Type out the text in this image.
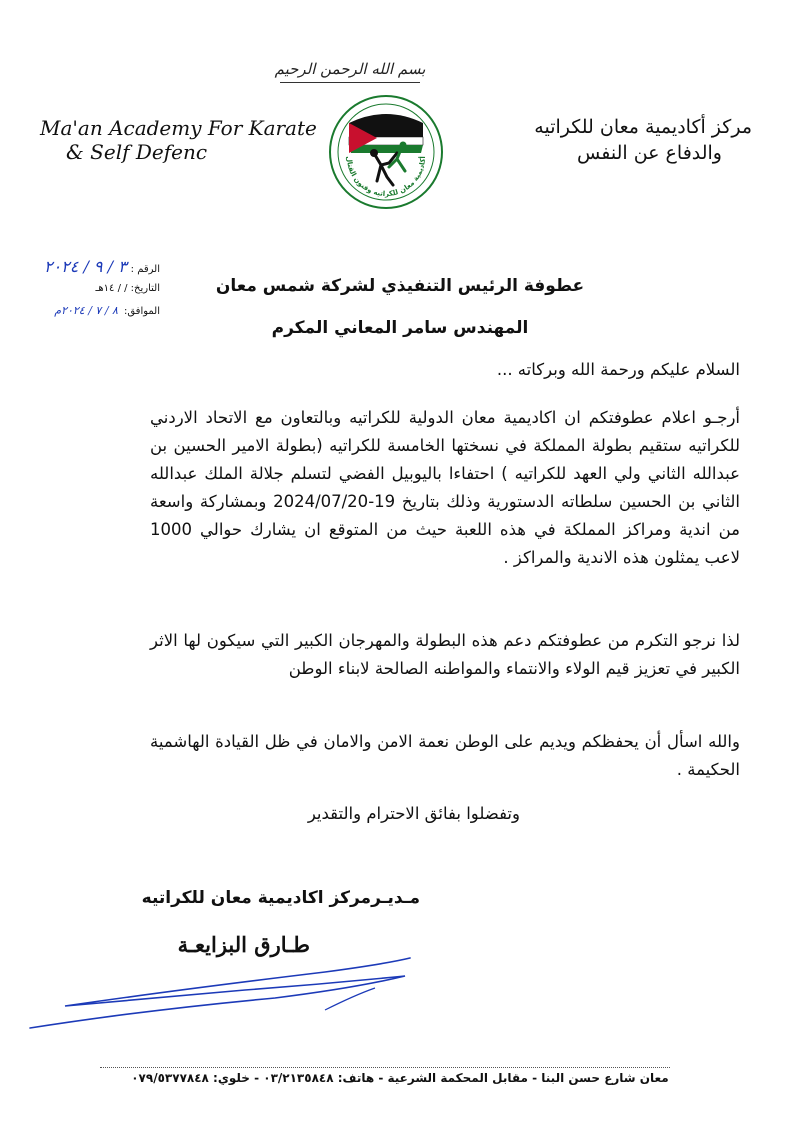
بسم الله الرحمن الرحيم
أكاديمية معان للكراتيه وفنون القتال
Ma'an Academy For Karate
& Self Defenc
مركز أكاديمية معان للكراتيه
والدفاع عن النفس
الرقم :٣ / ٩ / ٢٠٢٤
التاريخ: / / ١٤هـ
الموافق:٨ / ٧ / ٢٠٢٤م
عطوفة الرئيس التنفيذي لشركة شمس معان
المهندس سامر المعاني المكرم
السلام عليكم ورحمة الله وبركاته ...
أرجـو اعلام عطوفتكم ان اكاديمية معان الدولية للكراتيه وبالتعاون مع الاتحاد الاردني للكراتيه ستقيم بطولة المملكة في نسختها الخامسة للكراتيه (بطولة الامير الحسين بن عبدالله الثاني ولي العهد للكراتيه ) احتفاءا باليوبيل الفضي لتسلم جلالة الملك عبدالله الثاني بن الحسين سلطاته الدستورية وذلك بتاريخ 19-2024/07/20 وبمشاركة واسعة من اندية ومراكز المملكة في هذه اللعبة حيث من المتوقع ان يشارك حوالي 1000 لاعب يمثلون هذه الاندية والمراكز .
لذا نرجو التكرم من عطوفتكم دعم هذه البطولة والمهرجان الكبير التي سيكون لها الاثر الكبير في تعزيز قيم الولاء والانتماء والمواطنه الصالحة لابناء الوطن
والله اسأل أن يحفظكم ويديم على الوطن نعمة الامن والامان في ظل القيادة الهاشمية الحكيمة .
وتفضلوا بفائق الاحترام والتقدير
مـديـرمركز اكاديمية معان للكراتيه
طـارق البزايعـة
معان شارع حسن البنا - مقابل المحكمة الشرعية - هاتف: ٠٣/٢١٣٥٨٤٨ - خلوي: ٠٧٩/٥٣٧٧٨٤٨
